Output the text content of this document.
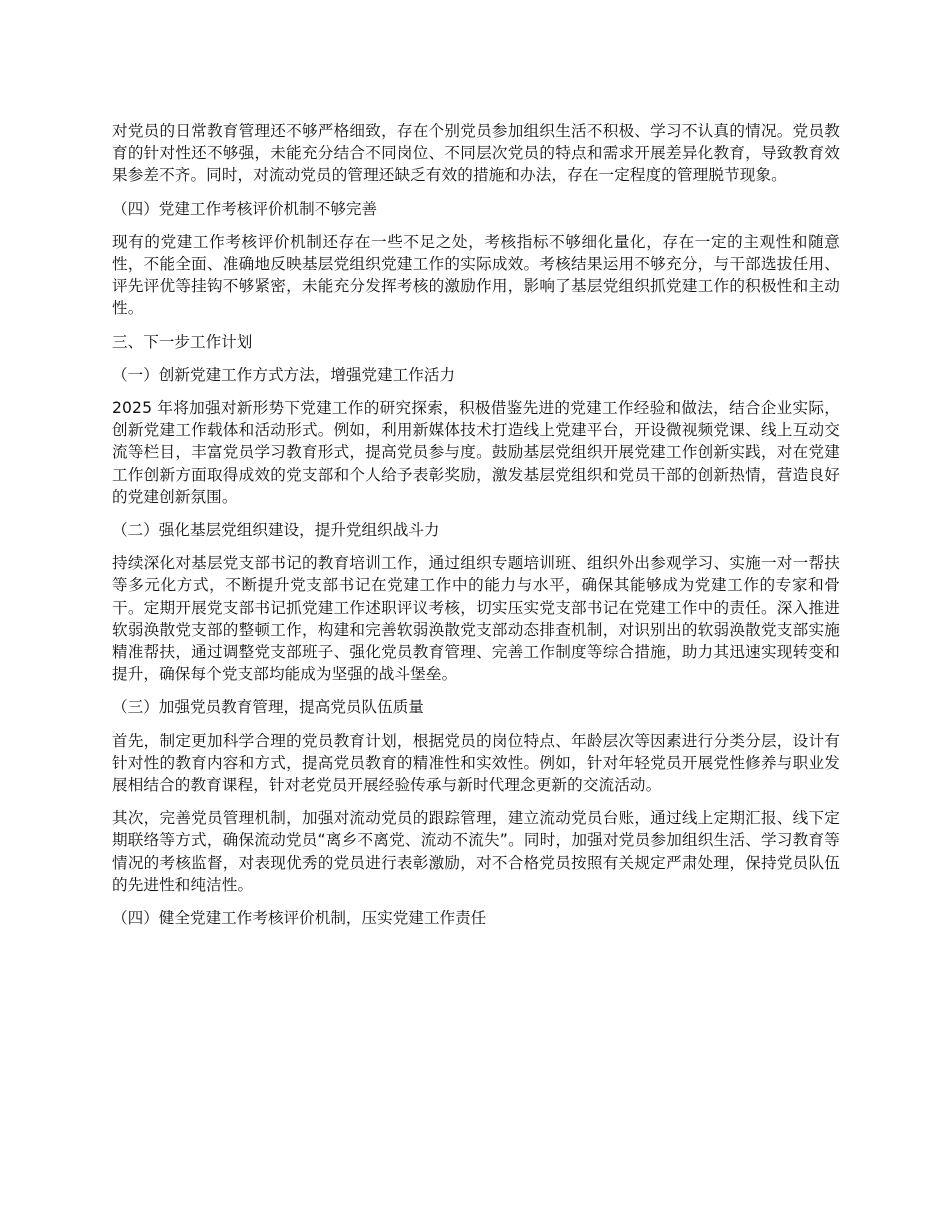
对党员的日常教育管理还不够严格细致，存在个别党员参加组织生活不积极、学习不认真的情况。党员教育的针对性还不够强，未能充分结合不同岗位、不同层次党员的特点和需求开展差异化教育，导致教育效果参差不齐。同时，对流动党员的管理还缺乏有效的措施和办法，存在一定程度的管理脱节现象。

（四）党建工作考核评价机制不够完善

现有的党建工作考核评价机制还存在一些不足之处，考核指标不够细化量化，存在一定的主观性和随意性，不能全面、准确地反映基层党组织党建工作的实际成效。考核结果运用不够充分，与干部选拔任用、评先评优等挂钩不够紧密，未能充分发挥考核的激励作用，影响了基层党组织抓党建工作的积极性和主动性。

三、下一步工作计划

（一）创新党建工作方式方法，增强党建工作活力

2025 年将加强对新形势下党建工作的研究探索，积极借鉴先进的党建工作经验和做法，结合企业实际，创新党建工作载体和活动形式。例如，利用新媒体技术打造线上党建平台，开设微视频党课、线上互动交流等栏目，丰富党员学习教育形式，提高党员参与度。鼓励基层党组织开展党建工作创新实践，对在党建工作创新方面取得成效的党支部和个人给予表彰奖励，激发基层党组织和党员干部的创新热情，营造良好的党建创新氛围。

（二）强化基层党组织建设，提升党组织战斗力

持续深化对基层党支部书记的教育培训工作，通过组织专题培训班、组织外出参观学习、实施一对一帮扶等多元化方式，不断提升党支部书记在党建工作中的能力与水平，确保其能够成为党建工作的专家和骨干。定期开展党支部书记抓党建工作述职评议考核，切实压实党支部书记在党建工作中的责任。深入推进软弱涣散党支部的整顿工作，构建和完善软弱涣散党支部动态排查机制，对识别出的软弱涣散党支部实施精准帮扶，通过调整党支部班子、强化党员教育管理、完善工作制度等综合措施，助力其迅速实现转变和提升，确保每个党支部均能成为坚强的战斗堡垒。

（三）加强党员教育管理，提高党员队伍质量

首先，制定更加科学合理的党员教育计划，根据党员的岗位特点、年龄层次等因素进行分类分层，设计有针对性的教育内容和方式，提高党员教育的精准性和实效性。例如，针对年轻党员开展党性修养与职业发展相结合的教育课程，针对老党员开展经验传承与新时代理念更新的交流活动。

其次，完善党员管理机制，加强对流动党员的跟踪管理，建立流动党员台账，通过线上定期汇报、线下定期联络等方式，确保流动党员“离乡不离党、流动不流失”。同时，加强对党员参加组织生活、学习教育等情况的考核监督，对表现优秀的党员进行表彰激励，对不合格党员按照有关规定严肃处理，保持党员队伍的先进性和纯洁性。

（四）健全党建工作考核评价机制，压实党建工作责任
